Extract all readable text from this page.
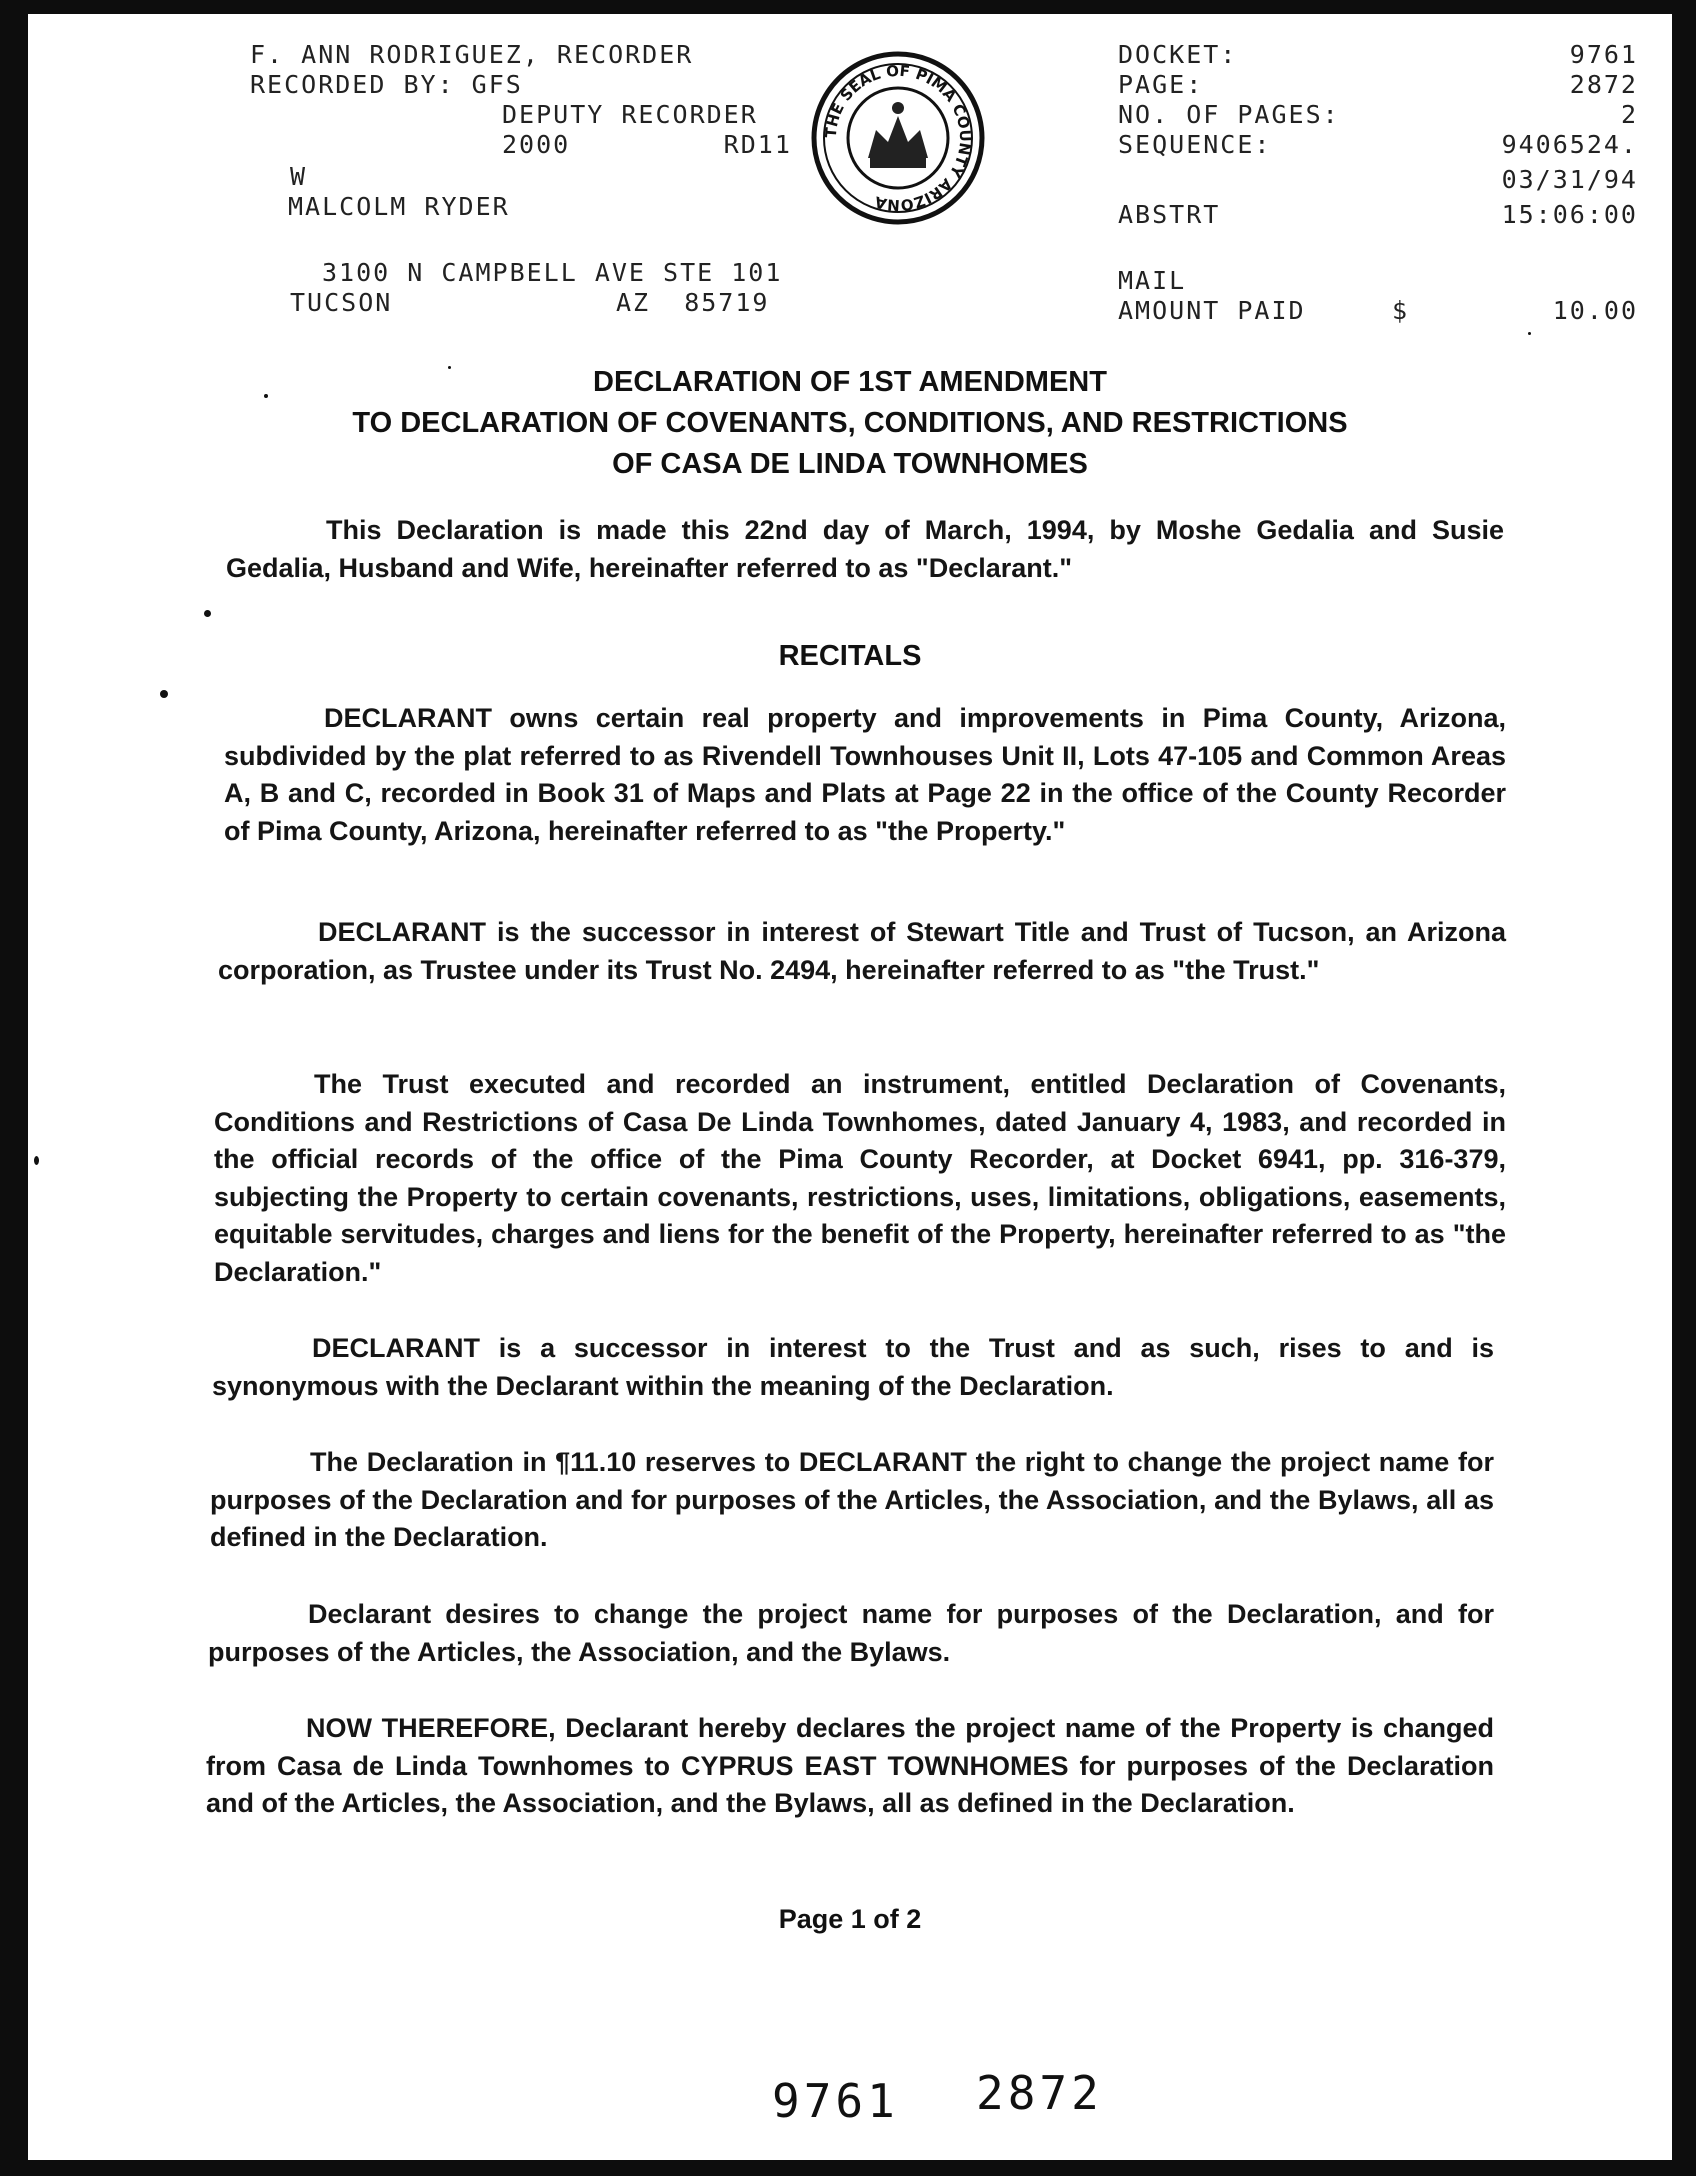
F. ANN RODRIGUEZ, RECORDER
RECORDED BY: GFS
DEPUTY RECORDER
2000         RD11
W
MALCOLM RYDER
3100 N CAMPBELL AVE STE 101
TUCSON	AZ  85719
THE SEAL OF PIMA COUNTY ARIZONA
DOCKET:
PAGE:
NO. OF PAGES:
SEQUENCE:
ABSTRT
MAIL
AMOUNT PAID
9761
2872
2
9406524.
03/31/94
15:06:00
$	10.00
DECLARATION OF 1ST AMENDMENT
TO DECLARATION OF COVENANTS, CONDITIONS, AND RESTRICTIONS
OF CASA DE LINDA TOWNHOMES
This Declaration is made this 22nd day of March, 1994, by Moshe Gedalia and Susie Gedalia, Husband and Wife, hereinafter referred to as "Declarant."
RECITALS
DECLARANT owns certain real property and improvements in Pima County, Arizona, subdivided by the plat referred to as Rivendell Townhouses Unit II, Lots 47-105 and Common Areas A, B and C, recorded in Book 31 of Maps and Plats at Page 22 in the office of the County Recorder of Pima County, Arizona, hereinafter referred to as "the Property."
DECLARANT is the successor in interest of Stewart Title and Trust of Tucson, an Arizona corporation, as Trustee under its Trust No. 2494, hereinafter referred to as "the Trust."
The Trust executed and recorded an instrument, entitled Declaration of Covenants, Conditions and Restrictions of Casa De Linda Townhomes, dated January 4, 1983, and recorded in the official records of the office of the Pima County Recorder, at Docket 6941, pp. 316-379, subjecting the Property to certain covenants, restrictions, uses, limitations, obligations, easements, equitable servitudes, charges and liens for the benefit of the Property, hereinafter referred to as "the Declaration."
DECLARANT is a successor in interest to the Trust and as such, rises to and is synonymous with the Declarant within the meaning of the Declaration.
The Declaration in ¶11.10 reserves to DECLARANT the right to change the project name for purposes of the Declaration and for purposes of the Articles, the Association, and the Bylaws, all as defined in the Declaration.
Declarant desires to change the project name for purposes of the Declaration, and for purposes of the Articles, the Association, and the Bylaws.
NOW THEREFORE, Declarant hereby declares the project name of the Property is changed from Casa de Linda Townhomes to CYPRUS EAST TOWNHOMES for purposes of the Declaration and of the Articles, the Association, and the Bylaws, all as defined in the Declaration.
Page 1 of 2
9761 2872
